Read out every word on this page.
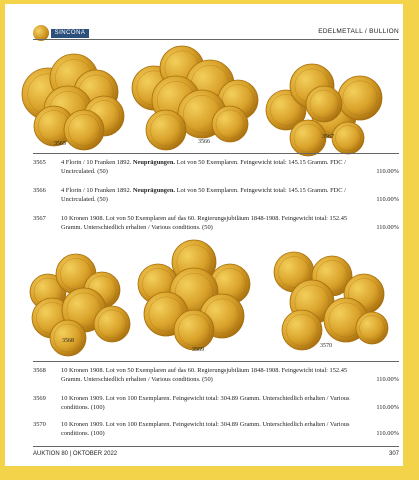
SINCONA	EDELMETALL / BULLION
3565	3566
3567
3565 4 Florin / 10 Franken 1892. Neuprägungen. Lot von 50 Exemplaren. Feingewicht total: 145.15 Gramm. FDC / Uncirculated. (50)	110.00%
3566 4 Florin / 10 Franken 1892. Neuprägungen. Lot von 50 Exemplaren. Feingewicht total: 145.15 Gramm. FDC / Uncirculated. (50)	110.00%
3567 10 Kronen 1908. Lot von 50 Exemplaren auf das 60. Regierungsjubiläum 1848-1908. Feingewicht total: 152.45 Gramm. Unterschiedlich erhalten / Various conditions. (50)	110.00%
3568
3569
3570
3568 10 Kronen 1908. Lot von 50 Exemplaren auf das 60. Regierungsjubiläum 1848-1908. Feingewicht total: 152.45 Gramm. Unterschiedlich erhalten / Various conditions. (50)	110.00%
3569 10 Kronen 1909. Lot von 100 Exemplaren. Feingewicht total: 304.89 Gramm. Unterschiedlich erhalten / Various conditions. (100)	110.00%
3570 10 Kronen 1909. Lot von 100 Exemplaren. Feingewicht total: 304.89 Gramm. Unterschiedlich erhalten / Various conditions. (100)	110.00%
AUKTION 80 | OKTOBER 2022	307
